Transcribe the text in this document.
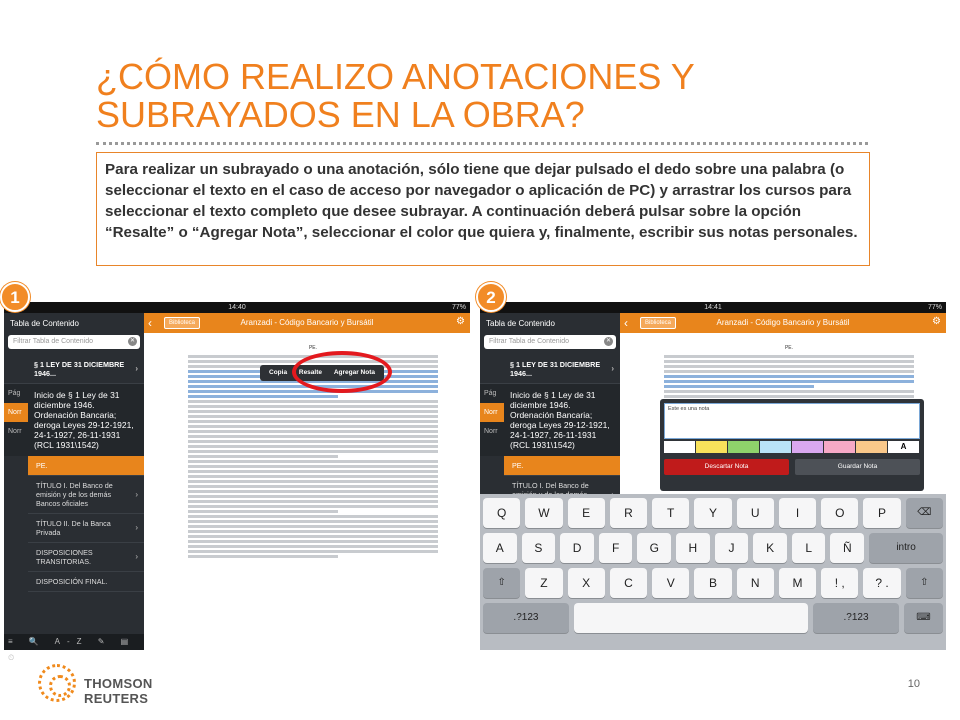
¿CÓMO REALIZO ANOTACIONES Y SUBRAYADOS EN LA OBRA?
Para realizar un subrayado o una anotación, sólo tiene que dejar pulsado el dedo sobre una palabra (o seleccionar el texto en el caso de acceso por navegador o aplicación de PC) y arrastrar los cursos para seleccionar el texto completo que desee subrayar. A continuación deberá pulsar sobre la opción “Resalte” o “Agregar Nota”, seleccionar el color que quiera y, finalmente, escribir sus notas personales.
1	2
14:40	77%
Tabla de Contenido
Filtrar Tabla de Contenido	✕
§ 1 LEY DE 31 DICIEMBRE 1946...
›
Pág
Norr
Norr
Inicio de § 1 Ley de 31 diciembre 1946. Ordenación Bancaria; deroga Leyes 29-12-1921, 24-1-1927, 26-11-1931 (RCL 1931\1542)
PE.
TÍTULO I. Del Banco de emisión y de los demás Bancos oficiales
›
TÍTULO II. De la Banca Privada
›
DISPOSICIONES TRANSITORIAS.
›
DISPOSICIÓN FINAL.
≡ 🔍 A-Z ✎ ▤ ⏲
‹	Biblioteca	Aranzadi - Código Bancario y Bursátil	⚙
PE.
Copia Resalte Agregar Nota
14:41	77%
Tabla de Contenido
Filtrar Tabla de Contenido	✕
§ 1 LEY DE 31 DICIEMBRE 1946...
›
Pág
Norr
Norr
Inicio de § 1 Ley de 31 diciembre 1946. Ordenación Bancaria; deroga Leyes 29-12-1921, 24-1-1927, 26-11-1931 (RCL 1931\1542)
PE.
TÍTULO I. Del Banco de
‹	Biblioteca	Aranzadi - Código Bancario y Bursátil	⚙
PE.
Este es una nota
A
Descartar Nota	Guardar Nota
Q	W	E	R	T	Y	U	I	O	P	⌫
A	S	D	F	G	H	J	K	L	Ñ	intro
⇧	Z	X	C	V	B	N	M	! ,	? .	⇧
.?123	.?123	⌨
THOMSON REUTERS
10
